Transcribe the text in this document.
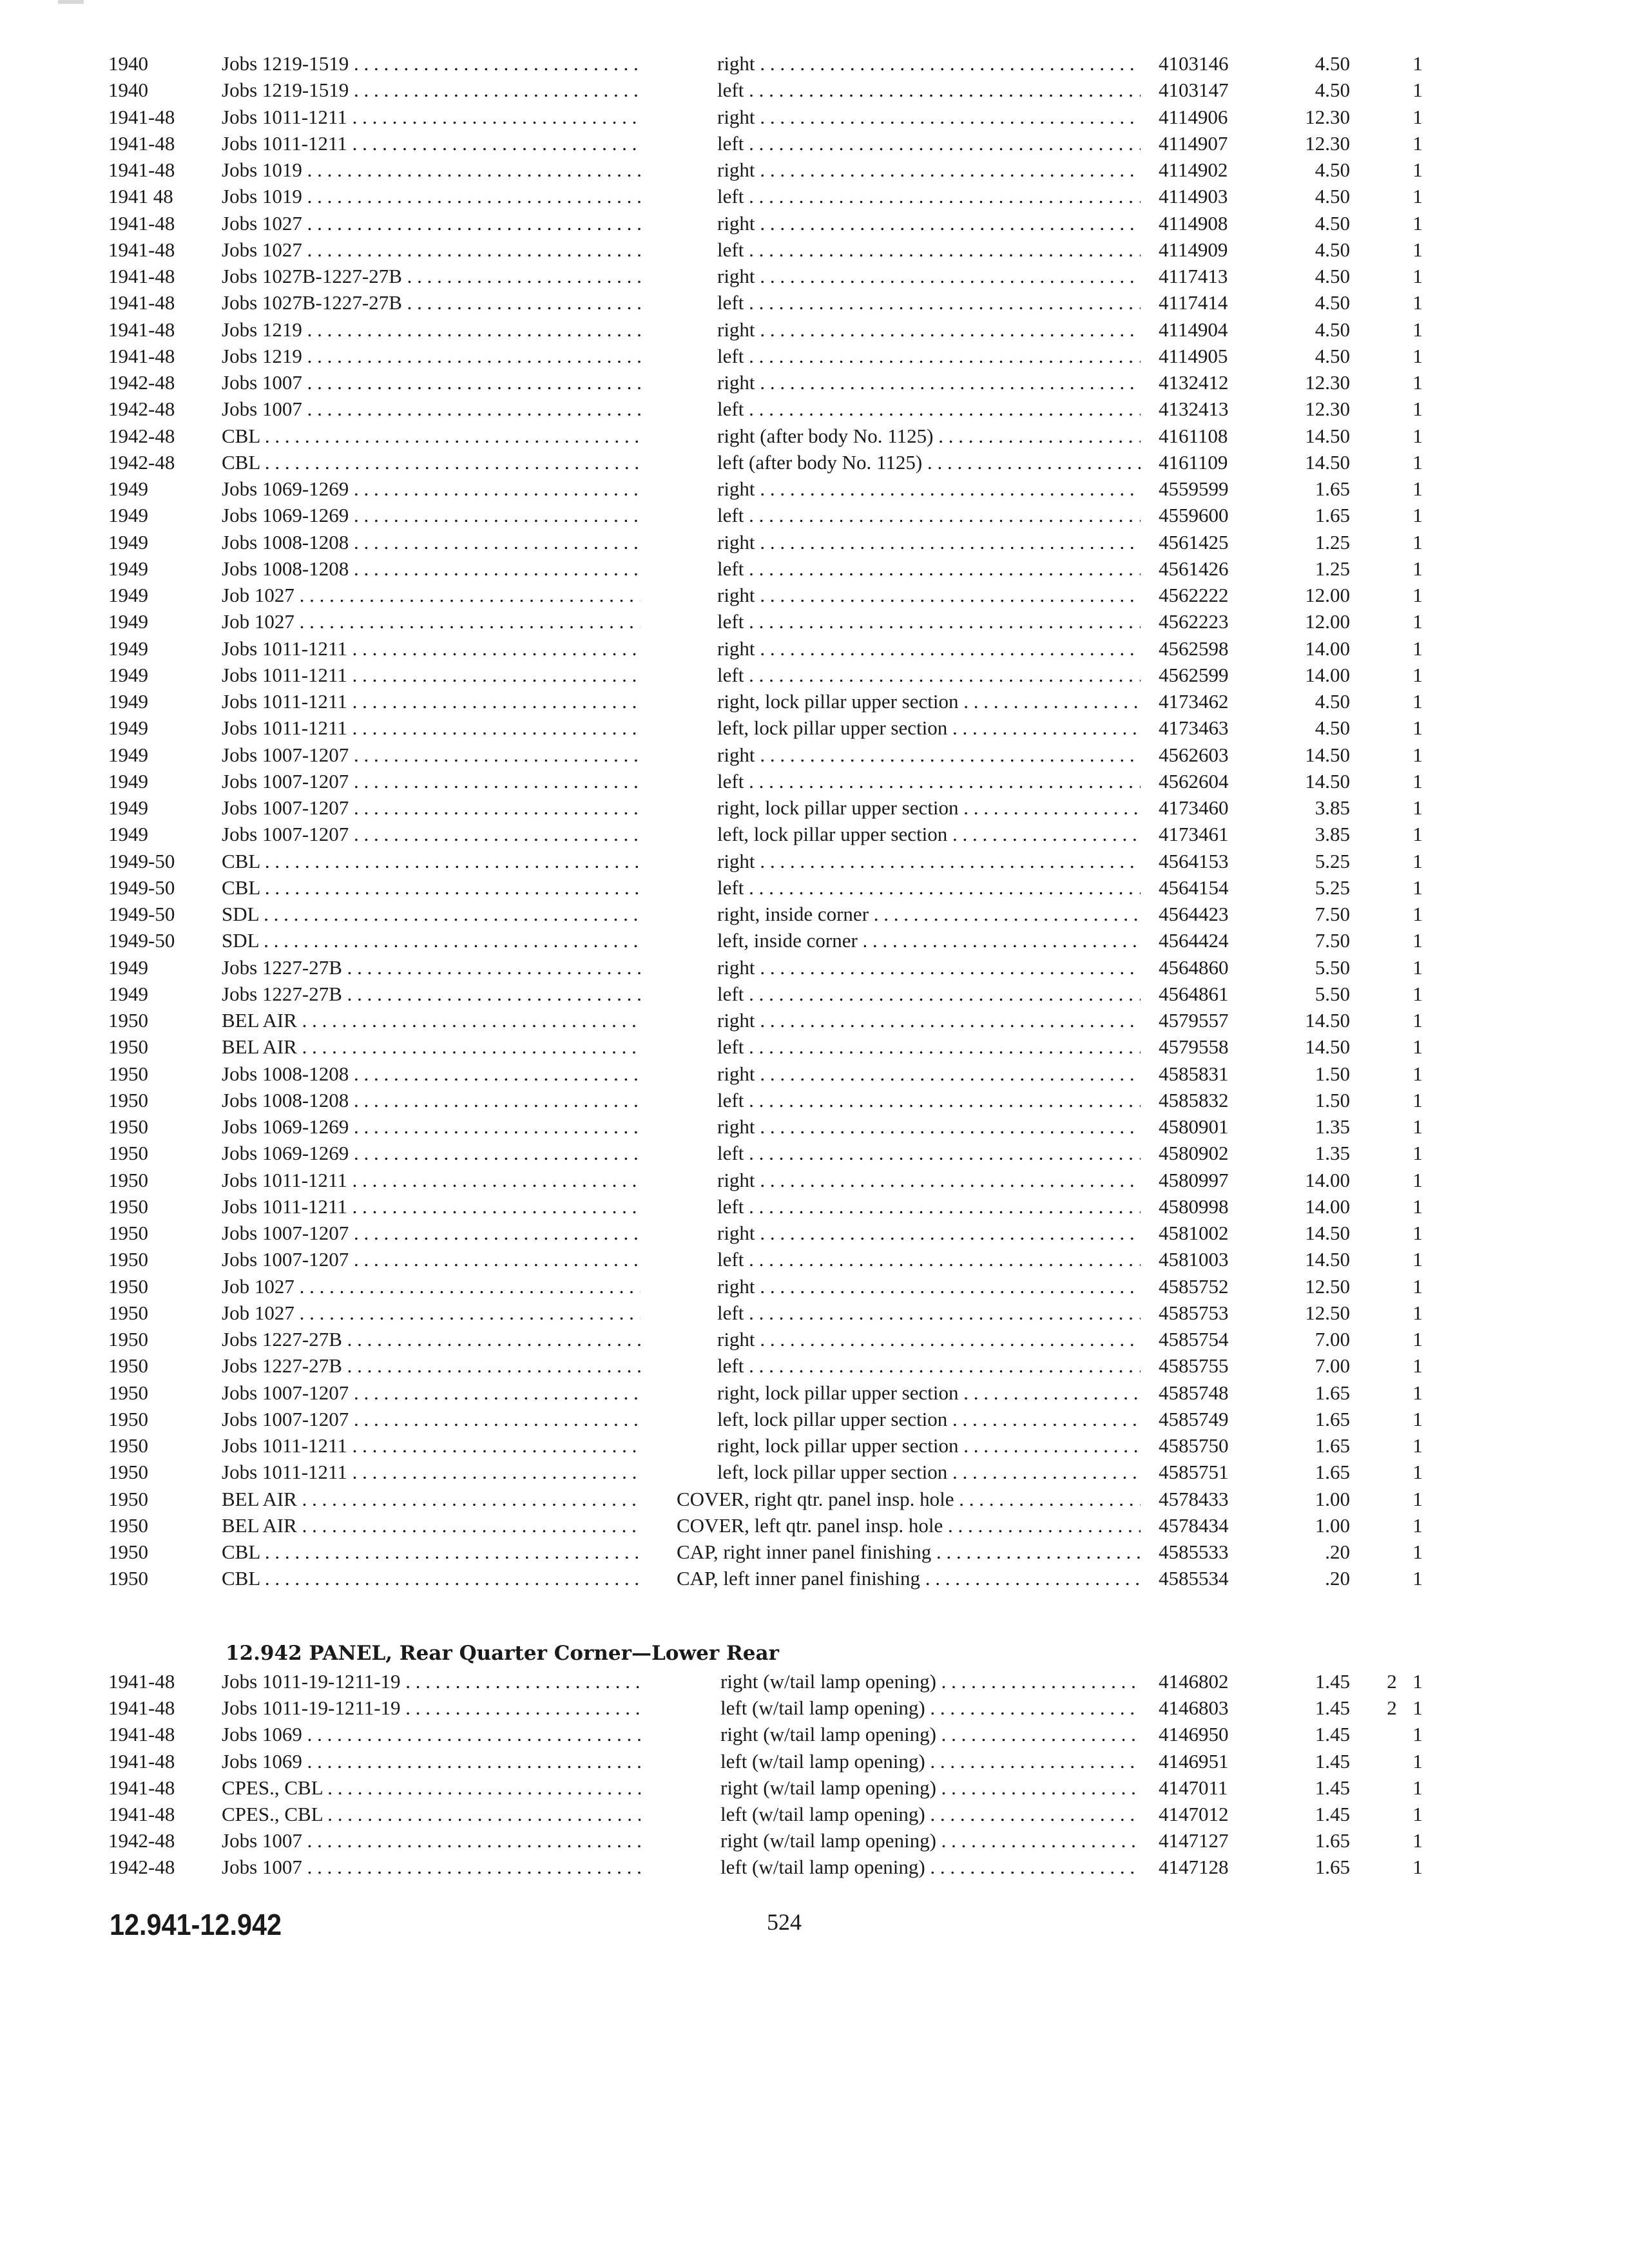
1940	Jobs 1219-1519 . . .	right . . .	4103146	4.50	1
1940	Jobs 1219-1519 . . .	left . . .	4103147	4.50	1
1941-48 Jobs 1011-1211 . . .	right . . .	4114906	12.30	1
1941-48 Jobs 1011-1211 . . .	left . . .	4114907	12.30	1
1941-48 Jobs 1019 . . .	right . . .	4114902	4.50	1
1941 48 Jobs 1019 . . .	left . . .	4114903	4.50	1
1941-48 Jobs 1027 . . .	right . . .	4114908	4.50	1
1941-48 Jobs 1027 . . .	left . . .	4114909	4.50	1
1941-48 Jobs 1027B-1227-27B . . .	right . . .	4117413	4.50	1
1941-48 Jobs 1027B-1227-27B . . .	left . . .	4117414	4.50	1
1941-48 Jobs 1219 . . .	right . . .	4114904	4.50	1
1941-48 Jobs 1219 . . .	left . . .	4114905	4.50	1
1942-48 Jobs 1007 . . .	right . . .	4132412	12.30	1
1942-48 Jobs 1007 . . .	left . . .	4132413	12.30	1
1942-48 CBL . . .	right (after body No. 1125) . . .	4161108	14.50	1
1942-48 CBL . . .	left (after body No. 1125) . . .	4161109	14.50	1
1949	Jobs 1069-1269 . . .	right . . .	4559599	1.65	1
1949	Jobs 1069-1269 . . .	left . . .	4559600	1.65	1
1949	Jobs 1008-1208 . . .	right . . .	4561425	1.25	1
1949	Jobs 1008-1208 . . .	left . . .	4561426	1.25	1
1949	Job 1027 . . .	right . . .	4562222	12.00	1
1949	Job 1027 . . .	left . . .	4562223	12.00	1
1949	Jobs 1011-1211 . . .	right . . .	4562598	14.00	1
1949	Jobs 1011-1211 . . .	left . . .	4562599	14.00	1
1949	Jobs 1011-1211 . . .	right, lock pillar upper section . . .	4173462	4.50	1
1949	Jobs 1011-1211 . . .	left, lock pillar upper section . . .	4173463	4.50	1
1949	Jobs 1007-1207 . . .	right . . .	4562603	14.50	1
1949	Jobs 1007-1207 . . .	left . . .	4562604	14.50	1
1949	Jobs 1007-1207 . . .	right, lock pillar upper section . . .	4173460	3.85	1
1949	Jobs 1007-1207 . . .	left, lock pillar upper section . . .	4173461	3.85	1
1949-50 CBL . . .	right . . .	4564153	5.25	1
1949-50 CBL . . .	left . . .	4564154	5.25	1
1949-50 SDL . . .	right, inside corner . . .	4564423	7.50	1
1949-50 SDL . . .	left, inside corner . . .	4564424	7.50	1
1949	Jobs 1227-27B . . .	right . . .	4564860	5.50	1
1949	Jobs 1227-27B . . .	left . . .	4564861	5.50	1
1950	BEL AIR . . .	right . . .	4579557	14.50	1
1950	BEL AIR . . .	left . . .	4579558	14.50	1
1950	Jobs 1008-1208 . . .	right . . .	4585831	1.50	1
1950	Jobs 1008-1208 . . .	left . . .	4585832	1.50	1
1950	Jobs 1069-1269 . . .	right . . .	4580901	1.35	1
1950	Jobs 1069-1269 . . .	left . . .	4580902	1.35	1
1950	Jobs 1011-1211 . . .	right . . .	4580997	14.00	1
1950	Jobs 1011-1211 . . .	left . . .	4580998	14.00	1
1950	Jobs 1007-1207 . . .	right . . .	4581002	14.50	1
1950	Jobs 1007-1207 . . .	left . . .	4581003	14.50	1
1950	Job 1027 . . .	right . . .	4585752	12.50	1
1950	Job 1027 . . .	left . . .	4585753	12.50	1
1950	Jobs 1227-27B . . .	right . . .	4585754	7.00	1
1950	Jobs 1227-27B . . .	left . . .	4585755	7.00	1
1950	Jobs 1007-1207 . . .	right, lock pillar upper section . . .	4585748	1.65	1
1950	Jobs 1007-1207 . . .	left, lock pillar upper section . . .	4585749	1.65	1
1950	Jobs 1011-1211 . . .	right, lock pillar upper section . . .	4585750	1.65	1
1950	Jobs 1011-1211 . . .	left, lock pillar upper section . . .	4585751	1.65	1
1950	BEL AIR . . .	COVER, right qtr. panel insp. hole . . .	4578433	1.00	1
1950	BEL AIR . . .	COVER, left qtr. panel insp. hole . . .	4578434	1.00	1
1950	CBL . . .	CAP, right inner panel finishing . . .	4585533	.20	1
1950	CBL . . .	CAP, left inner panel finishing . . .	4585534	.20	1
12.942 PANEL, Rear Quarter Corner—Lower Rear
1941-48 Jobs 1011-19-1211-19 . . .	right (w/tail lamp opening) . . .	4146802	1.45 2 1
1941-48 Jobs 1011-19-1211-19 . . .	left (w/tail lamp opening) . . .	4146803	1.45 2 1
1941-48 Jobs 1069 . . .	right (w/tail lamp opening) . . .	4146950	1.45	1
1941-48 Jobs 1069 . . .	left (w/tail lamp opening) . . .	4146951	1.45	1
1941-48 CPES., CBL . . .	right (w/tail lamp opening) . . .	4147011	1.45	1
1941-48 CPES., CBL . . .	left (w/tail lamp opening) . . .	4147012	1.45	1
1942-48 Jobs 1007 . . .	right (w/tail lamp opening) . . .	4147127	1.65	1
1942-48 Jobs 1007 . . .	left (w/tail lamp opening) . . .	4147128	1.65	1
12.941-12.942	524
